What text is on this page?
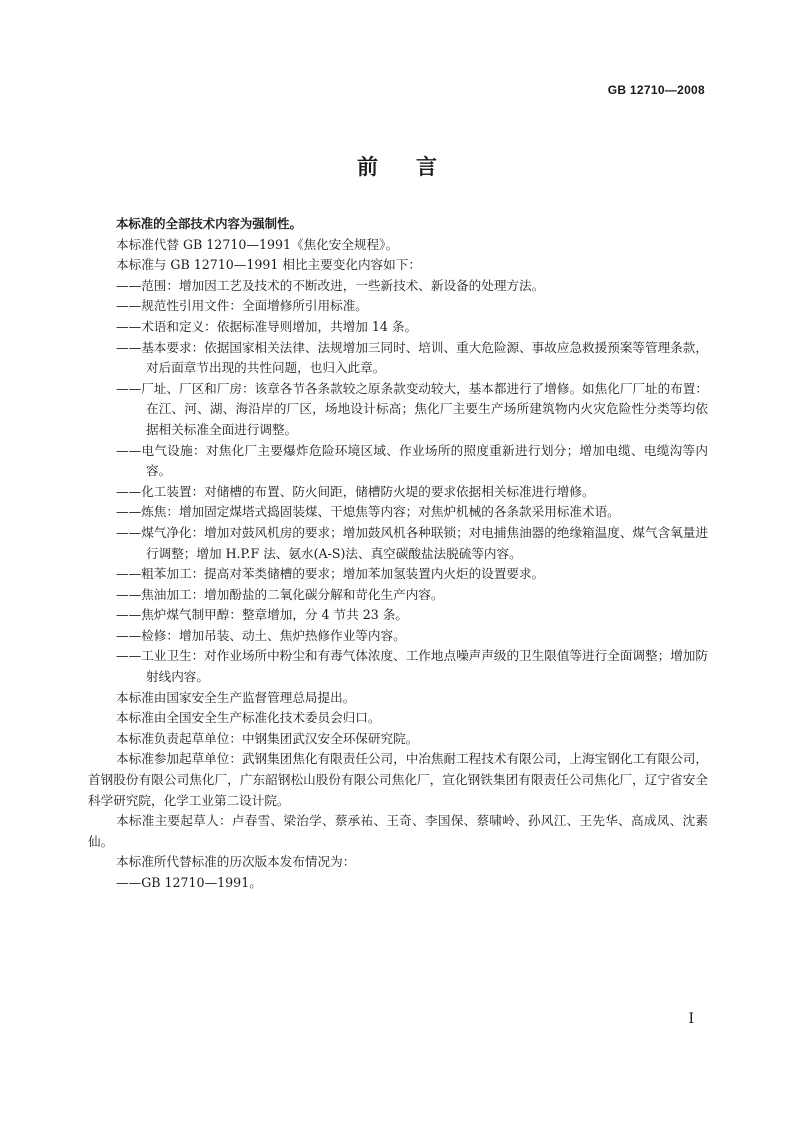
GB 12710—2008
前言

本标准的全部技术内容为强制性。

本标准代替 GB 12710—1991《焦化安全规程》。

本标准与 GB 12710—1991 相比主要变化内容如下：

——范围：增加因工艺及技术的不断改进，一些新技术、新设备的处理方法。

——规范性引用文件：全面增修所引用标准。

——术语和定义：依据标准导则增加，共增加 14 条。

——基本要求：依据国家相关法律、法规增加三同时、培训、重大危险源、事故应急救援预案等管理条款，对后面章节出现的共性问题，也归入此章。

——厂址、厂区和厂房：该章各节各条款较之原条款变动较大，基本都进行了增修。如焦化厂厂址的布置：在江、河、湖、海沿岸的厂区，场地设计标高；焦化厂主要生产场所建筑物内火灾危险性分类等均依据相关标准全面进行调整。

——电气设施：对焦化厂主要爆炸危险环境区域、作业场所的照度重新进行划分；增加电缆、电缆沟等内容。

——化工装置：对储槽的布置、防火间距，储槽防火堤的要求依据相关标准进行增修。

——炼焦：增加固定煤塔式捣固装煤、干熄焦等内容；对焦炉机械的各条款采用标准术语。

——煤气净化：增加对鼓风机房的要求；增加鼓风机各种联锁；对电捕焦油器的绝缘箱温度、煤气含氧量进行调整；增加 H.P.F 法、氨水(A-S)法、真空碳酸盐法脱硫等内容。

——粗苯加工：提高对苯类储槽的要求；增加苯加氢装置内火炬的设置要求。

——焦油加工：增加酚盐的二氧化碳分解和苛化生产内容。

——焦炉煤气制甲醇：整章增加，分 4 节共 23 条。

——检修：增加吊装、动土、焦炉热修作业等内容。

——工业卫生：对作业场所中粉尘和有毒气体浓度、工作地点噪声声级的卫生限值等进行全面调整；增加防射线内容。

本标准由国家安全生产监督管理总局提出。

本标准由全国安全生产标准化技术委员会归口。

本标准负责起草单位：中钢集团武汉安全环保研究院。

本标准参加起草单位：武钢集团焦化有限责任公司，中冶焦耐工程技术有限公司，上海宝钢化工有限公司，首钢股份有限公司焦化厂，广东韶钢松山股份有限公司焦化厂，宣化钢铁集团有限责任公司焦化厂，辽宁省安全科学研究院，化学工业第二设计院。

本标准主要起草人：卢春雪、梁治学、蔡承祐、王奇、李国保、蔡啸岭、孙风江、王先华、高成凤、沈素仙。

本标准所代替标准的历次版本发布情况为：

——GB 12710—1991。

I
